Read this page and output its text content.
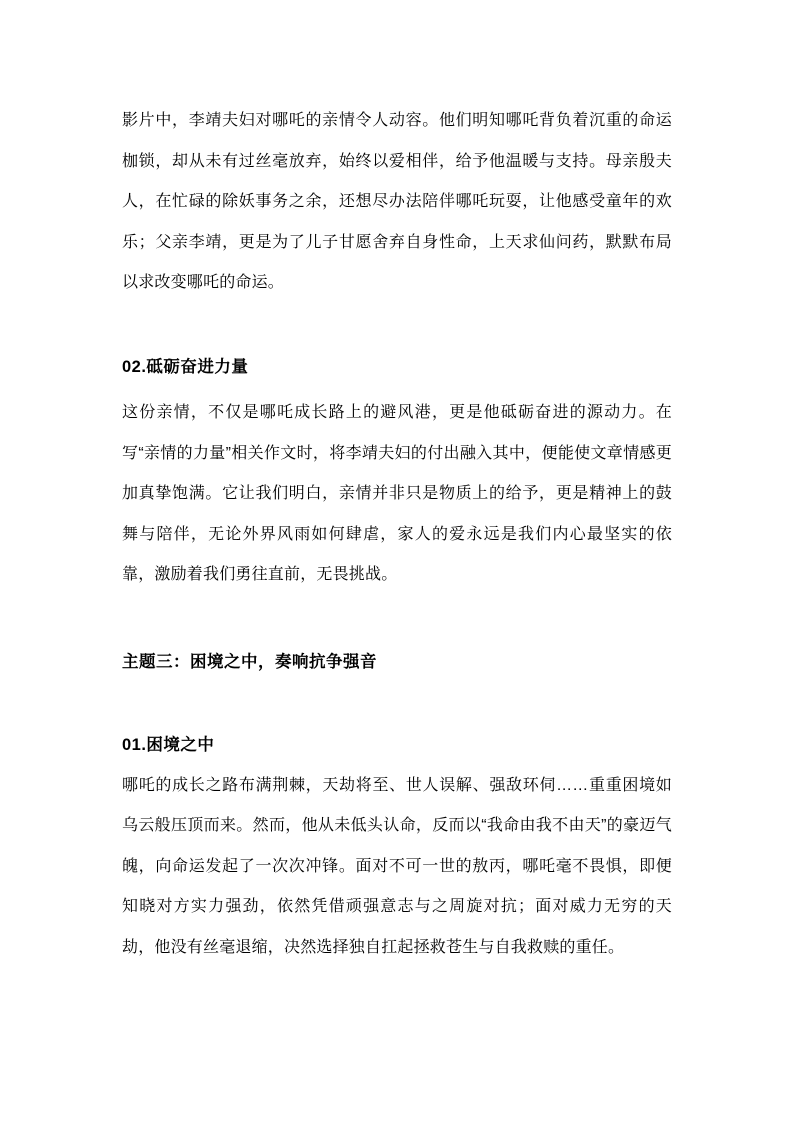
影片中，李靖夫妇对哪吒的亲情令人动容。他们明知哪吒背负着沉重的命运枷锁，却从未有过丝毫放弃，始终以爱相伴，给予他温暖与支持。母亲殷夫人，在忙碌的除妖事务之余，还想尽办法陪伴哪吒玩耍，让他感受童年的欢乐；父亲李靖，更是为了儿子甘愿舍弃自身性命，上天求仙问药，默默布局以求改变哪吒的命运。

02.砥砺奋进力量

这份亲情，不仅是哪吒成长路上的避风港，更是他砥砺奋进的源动力。在写“亲情的力量”相关作文时，将李靖夫妇的付出融入其中，便能使文章情感更加真挚饱满。它让我们明白，亲情并非只是物质上的给予，更是精神上的鼓舞与陪伴，无论外界风雨如何肆虐，家人的爱永远是我们内心最坚实的依靠，激励着我们勇往直前，无畏挑战。

主题三：困境之中，奏响抗争强音
01.困境之中

哪吒的成长之路布满荆棘，天劫将至、世人误解、强敌环伺……重重困境如乌云般压顶而来。然而，他从未低头认命，反而以“我命由我不由天”的豪迈气魄，向命运发起了一次次冲锋。面对不可一世的敖丙，哪吒毫不畏惧，即便知晓对方实力强劲，依然凭借顽强意志与之周旋对抗；面对威力无穷的天劫，他没有丝毫退缩，决然选择独自扛起拯救苍生与自我救赎的重任。
